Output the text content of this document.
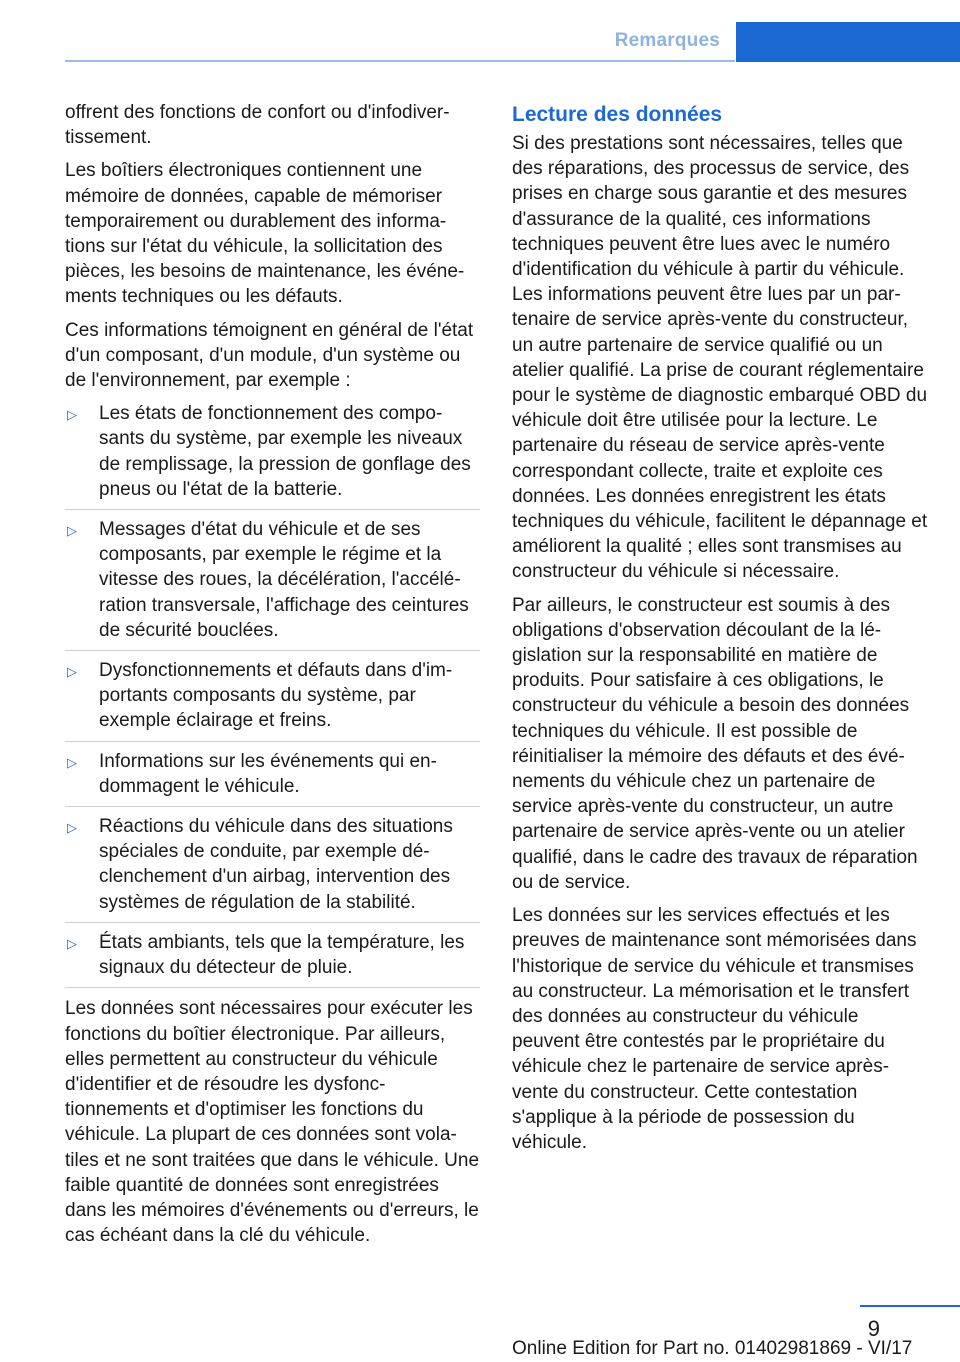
Remarques

offrent des fonctions de confort ou d'infodivertissement.

Les boîtiers électroniques contiennent une mémoire de données, capable de mémoriser temporairement ou durablement des informations sur l'état du véhicule, la sollicitation des pièces, les besoins de maintenance, les événements techniques ou les défauts.

Ces informations témoignent en général de l'état d'un composant, d'un module, d'un système ou de l'environnement, par exemple :

▷ Les états de fonctionnement des composants du système, par exemple les niveaux de remplissage, la pression de gonflage des pneus ou l'état de la batterie.
▷ Messages d'état du véhicule et de ses composants, par exemple le régime et la vitesse des roues, la décélération, l'accélération transversale, l'affichage des ceintures de sécurité bouclées.
▷ Dysfonctionnements et défauts dans d'importants composants du système, par exemple éclairage et freins.
▷ Informations sur les événements qui endommagent le véhicule.
▷ Réactions du véhicule dans des situations spéciales de conduite, par exemple déclenchement d'un airbag, intervention des systèmes de régulation de la stabilité.
▷ États ambiants, tels que la température, les signaux du détecteur de pluie.

Les données sont nécessaires pour exécuter les fonctions du boîtier électronique. Par ailleurs, elles permettent au constructeur du véhicule d'identifier et de résoudre les dysfonctionnements et d'optimiser les fonctions du véhicule. La plupart de ces données sont volatiles et ne sont traitées que dans le véhicule. Une faible quantité de données sont enregistrées dans les mémoires d'événements ou d'erreurs, le cas échéant dans la clé du véhicule.

Lecture des données

Si des prestations sont nécessaires, telles que des réparations, des processus de service, des prises en charge sous garantie et des mesures d'assurance de la qualité, ces informations techniques peuvent être lues avec le numéro d'identification du véhicule à partir du véhicule. Les informations peuvent être lues par un partenaire de service après-vente du constructeur, un autre partenaire de service qualifié ou un atelier qualifié. La prise de courant réglementaire pour le système de diagnostic embarqué OBD du véhicule doit être utilisée pour la lecture. Le partenaire du réseau de service après-vente correspondant collecte, traite et exploite ces données. Les données enregistrent les états techniques du véhicule, facilitent le dépannage et améliorent la qualité ; elles sont transmises au constructeur du véhicule si nécessaire.

Par ailleurs, le constructeur est soumis à des obligations d'observation découlant de la législation sur la responsabilité en matière de produits. Pour satisfaire à ces obligations, le constructeur du véhicule a besoin des données techniques du véhicule. Il est possible de réinitialiser la mémoire des défauts et des événements du véhicule chez un partenaire de service après-vente du constructeur, un autre partenaire de service après-vente ou un atelier qualifié, dans le cadre des travaux de réparation ou de service.

Les données sur les services effectués et les preuves de maintenance sont mémorisées dans l'historique de service du véhicule et transmises au constructeur. La mémorisation et le transfert des données au constructeur du véhicule peuvent être contestés par le propriétaire du véhicule chez le partenaire de service après-vente du constructeur. Cette contestation s'applique à la période de possession du véhicule.

9
Online Edition for Part no. 01402981869 - VI/17
